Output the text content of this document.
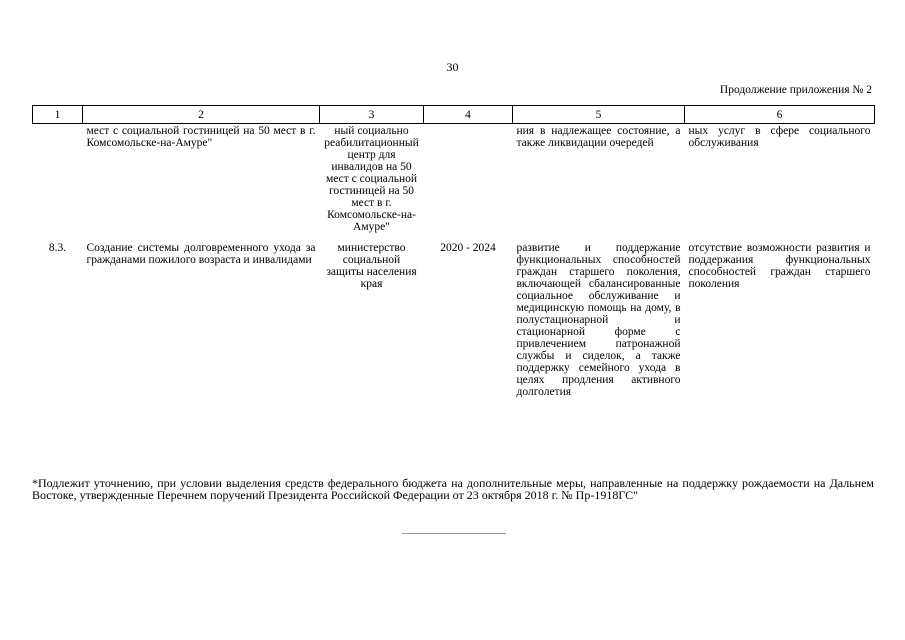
30
Продолжение приложения № 2
1	2	3	4	5	6
	мест с социальной гостиницей на 50 мест в г. Комсомольске-на-Амуре"	ный социально реабилитационный центр для инвалидов на 50 мест с социальной гостиницей на 50 мест в г. Комсомольске-на-Амуре"		ния в надлежащее состояние, а также ликвидации очередей	ных услуг в сфере социального обслуживания
8.3.	Создание системы долговременного ухода за гражданами пожилого возраста и инвалидами	министерство социальной защиты населения края	2020 - 2024	развитие и поддержание функциональных способностей граждан старшего поколения, включающей сбалансированные социальное обслуживание и медицинскую помощь на дому, в полустационарной и стационарной форме с привлечением патронажной службы и сиделок, а также поддержку семейного ухода в целях продления активного долголетия	отсутствие возможности развития и поддержания функциональных способностей граждан старшего поколения
*Подлежит уточнению, при условии выделения средств федерального бюджета на дополнительные меры, направленные на поддержку рождаемости на Дальнем Востоке, утвержденные Перечнем поручений Президента Российской Федерации от 23 октября 2018 г. № Пр-1918ГС"
